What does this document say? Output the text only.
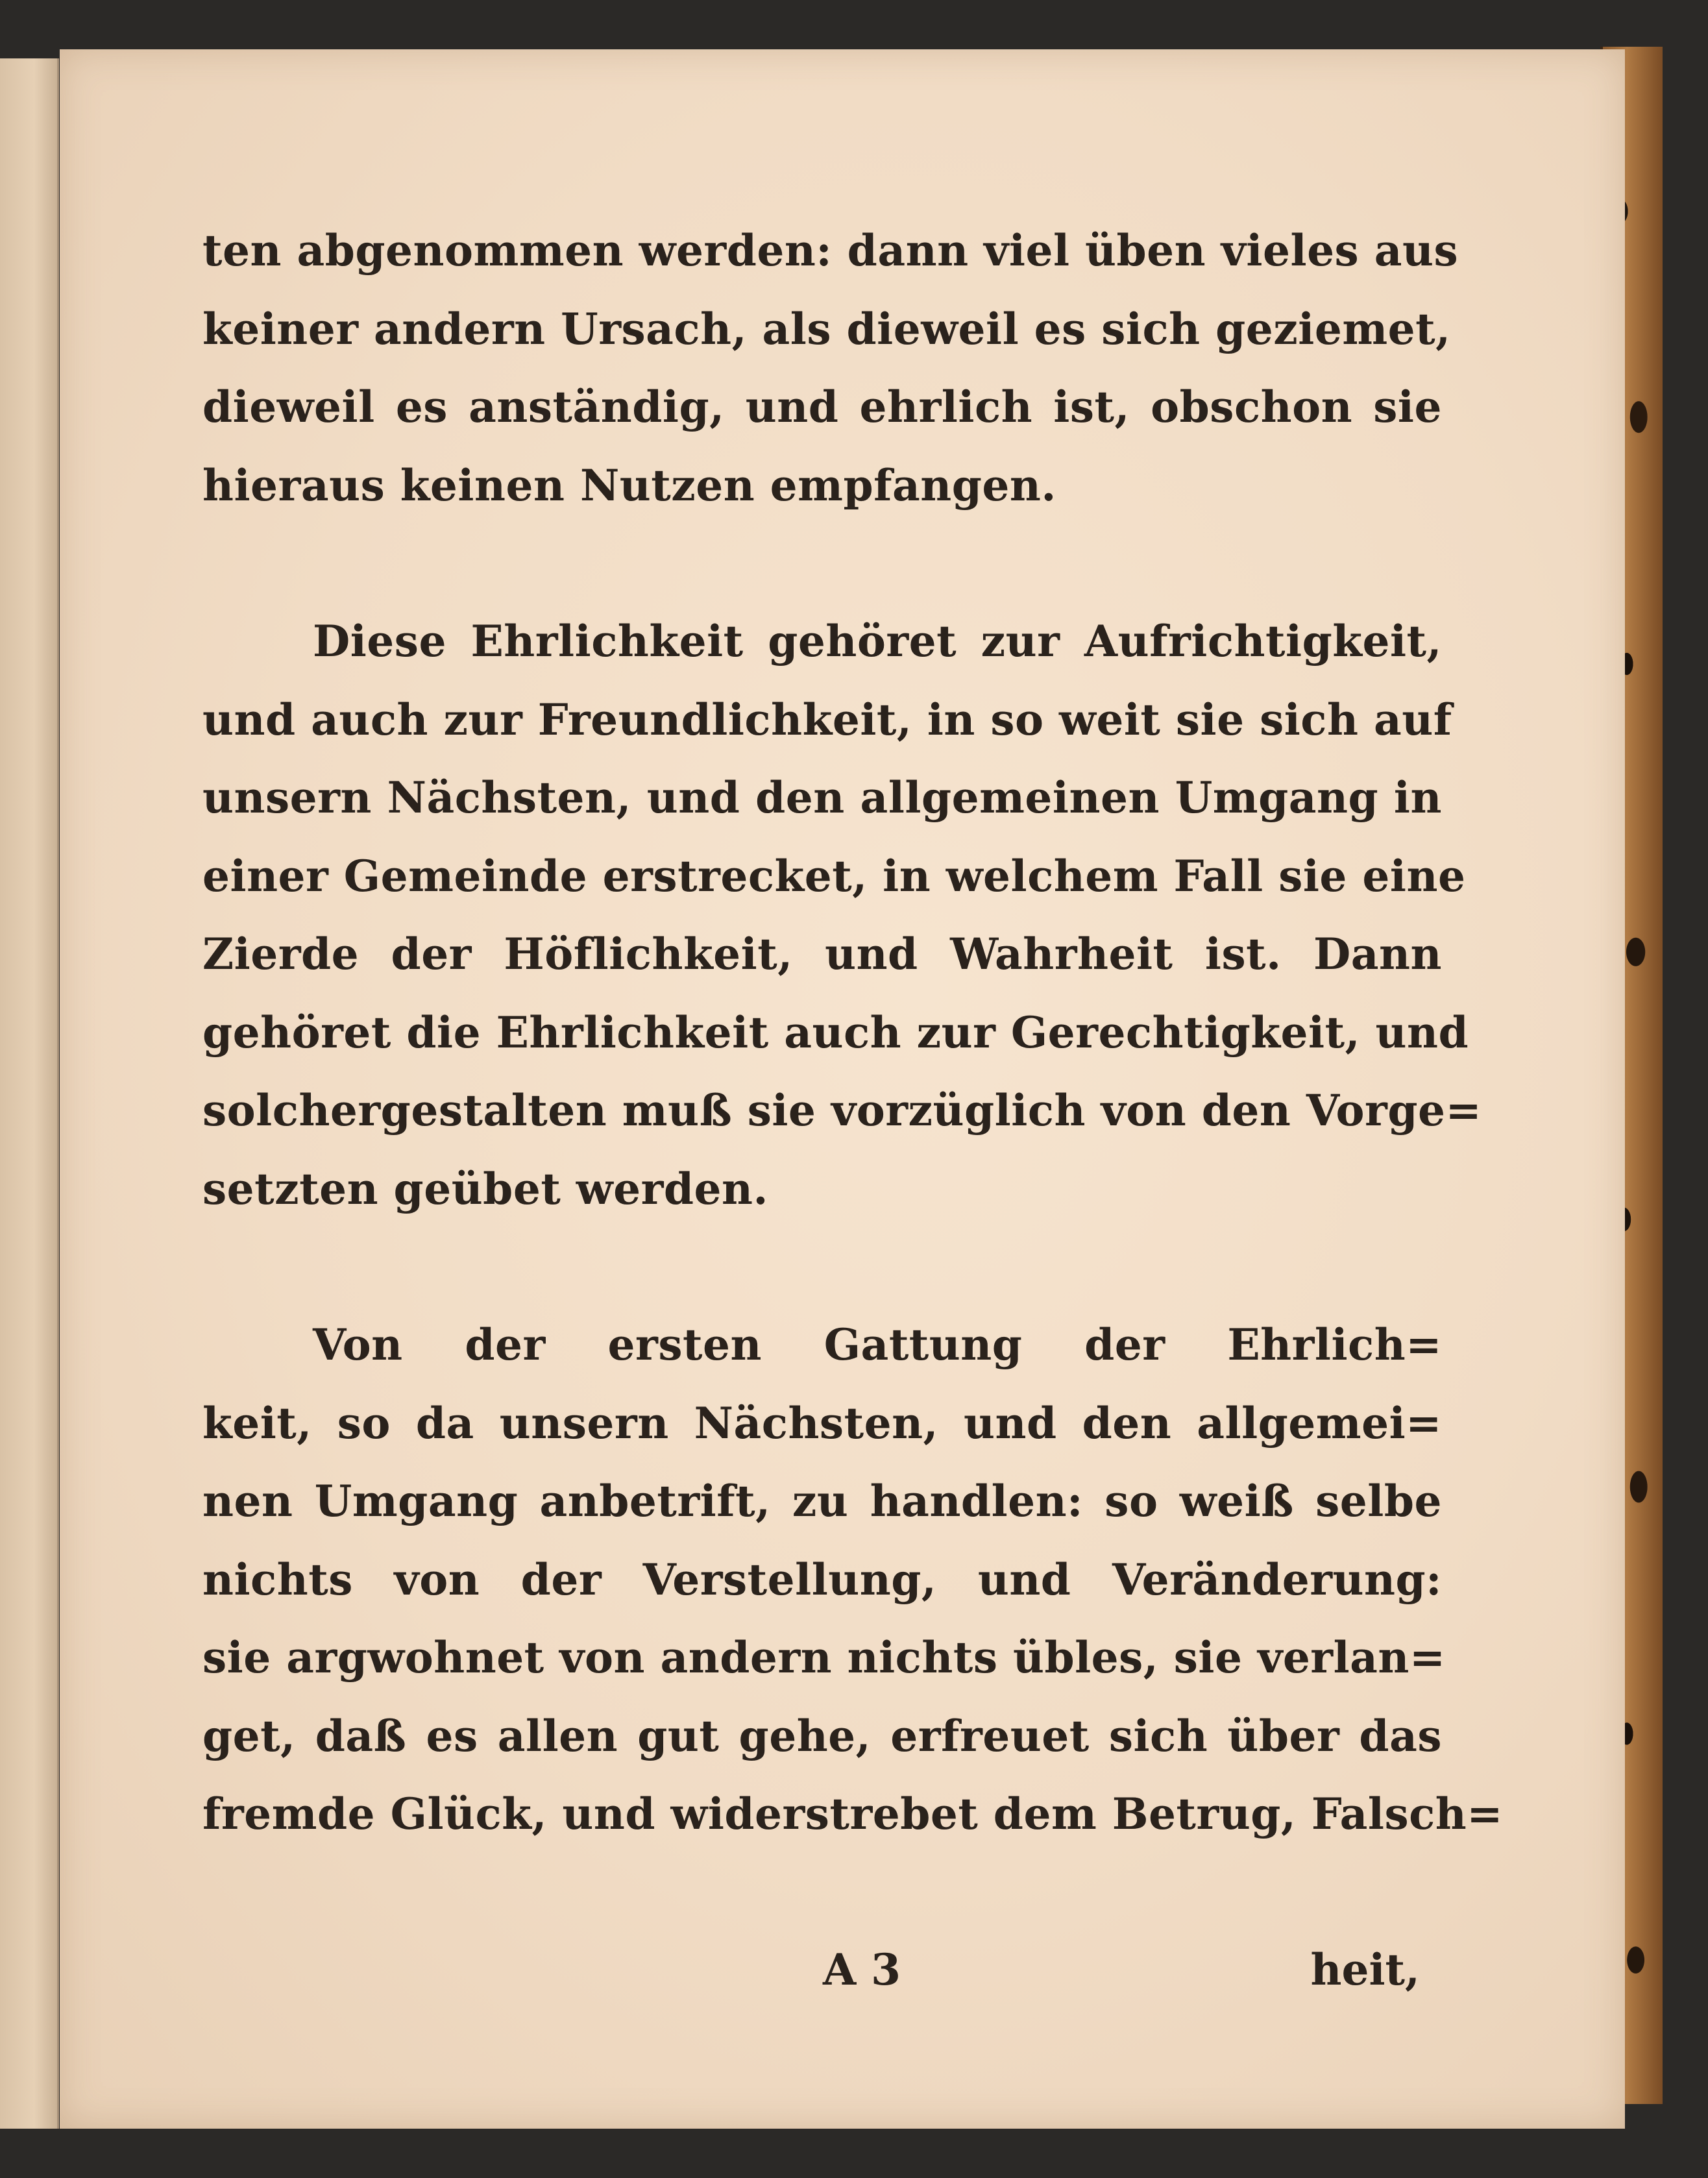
ten abgenommen werden: dann viel üben vieles aus
keiner andern Ursach, als dieweil es sich geziemet,
dieweil es anständig, und ehrlich ist, obschon sie
hieraus keinen Nutzen empfangen.
Diese Ehrlichkeit gehöret zur Aufrichtigkeit,
und auch zur Freundlichkeit, in so weit sie sich auf
unsern Nächsten, und den allgemeinen Umgang in
einer Gemeinde erstrecket, in welchem Fall sie eine
Zierde der Höflichkeit, und Wahrheit ist. Dann
gehöret die Ehrlichkeit auch zur Gerechtigkeit, und
solchergestalten muß sie vorzüglich von den Vorge=
setzten geübet werden.
Von der ersten Gattung der Ehrlich=
keit, so da unsern Nächsten, und den allgemei=
nen Umgang anbetrift, zu handlen: so weiß selbe
nichts von der Verstellung, und Veränderung:
sie argwohnet von andern nichts übles, sie verlan=
get, daß es allen gut gehe, erfreuet sich über das
fremde Glück, und widerstrebet dem Betrug, Falsch=
A 3	heit,
